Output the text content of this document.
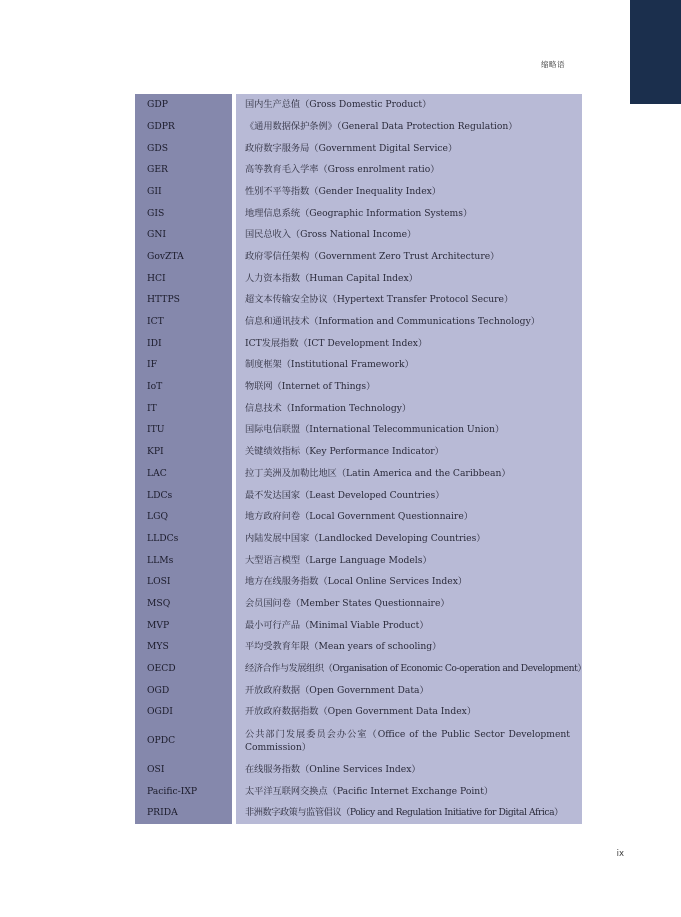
缩略语
GDP		国内生产总值（Gross Domestic Product）
GDPR		《通用数据保护条例》（General Data Protection Regulation）
GDS		政府数字服务局（Government Digital Service）
GER		高等教育毛入学率（Gross enrolment ratio）
GII		性别不平等指数（Gender Inequality Index）
GIS		地理信息系统（Geographic Information Systems）
GNI		国民总收入（Gross National Income）
GovZTA		政府零信任架构（Government Zero Trust Architecture）
HCI		人力资本指数（Human Capital Index）
HTTPS		超文本传输安全协议（Hypertext Transfer Protocol Secure）
ICT		信息和通讯技术（Information and Communications Technology）
IDI		ICT发展指数（ICT Development Index）
IF		制度框架（Institutional Framework）
IoT		物联网（Internet of Things）
IT		信息技术（Information Technology）
ITU		国际电信联盟（International Telecommunication Union）
KPI		关键绩效指标（Key Performance Indicator）
LAC		拉丁美洲及加勒比地区（Latin America and the Caribbean）
LDCs		最不发达国家（Least Developed Countries）
LGQ		地方政府问卷（Local Government Questionnaire）
LLDCs		内陆发展中国家（Landlocked Developing Countries）
LLMs		大型语言模型（Large Language Models）
LOSI		地方在线服务指数（Local Online Services Index）
MSQ		会员国问卷（Member States Questionnaire）
MVP		最小可行产品（Minimal Viable Product）
MYS		平均受教育年限（Mean years of schooling）
OECD		经济合作与发展组织（Organisation of Economic Co-operation and Development）
OGD		开放政府数据（Open Government Data）
OGDI		开放政府数据指数（Open Government Data Index）
OPDC		公共部门发展委员会办公室（Office of the Public Sector Development Commission）
OSI		在线服务指数（Online Services Index）
Pacific-IXP		太平洋互联网交换点（Pacific Internet Exchange Point）
PRIDA		非洲数字政策与监管倡议（Policy and Regulation Initiative for Digital Africa）
ix
